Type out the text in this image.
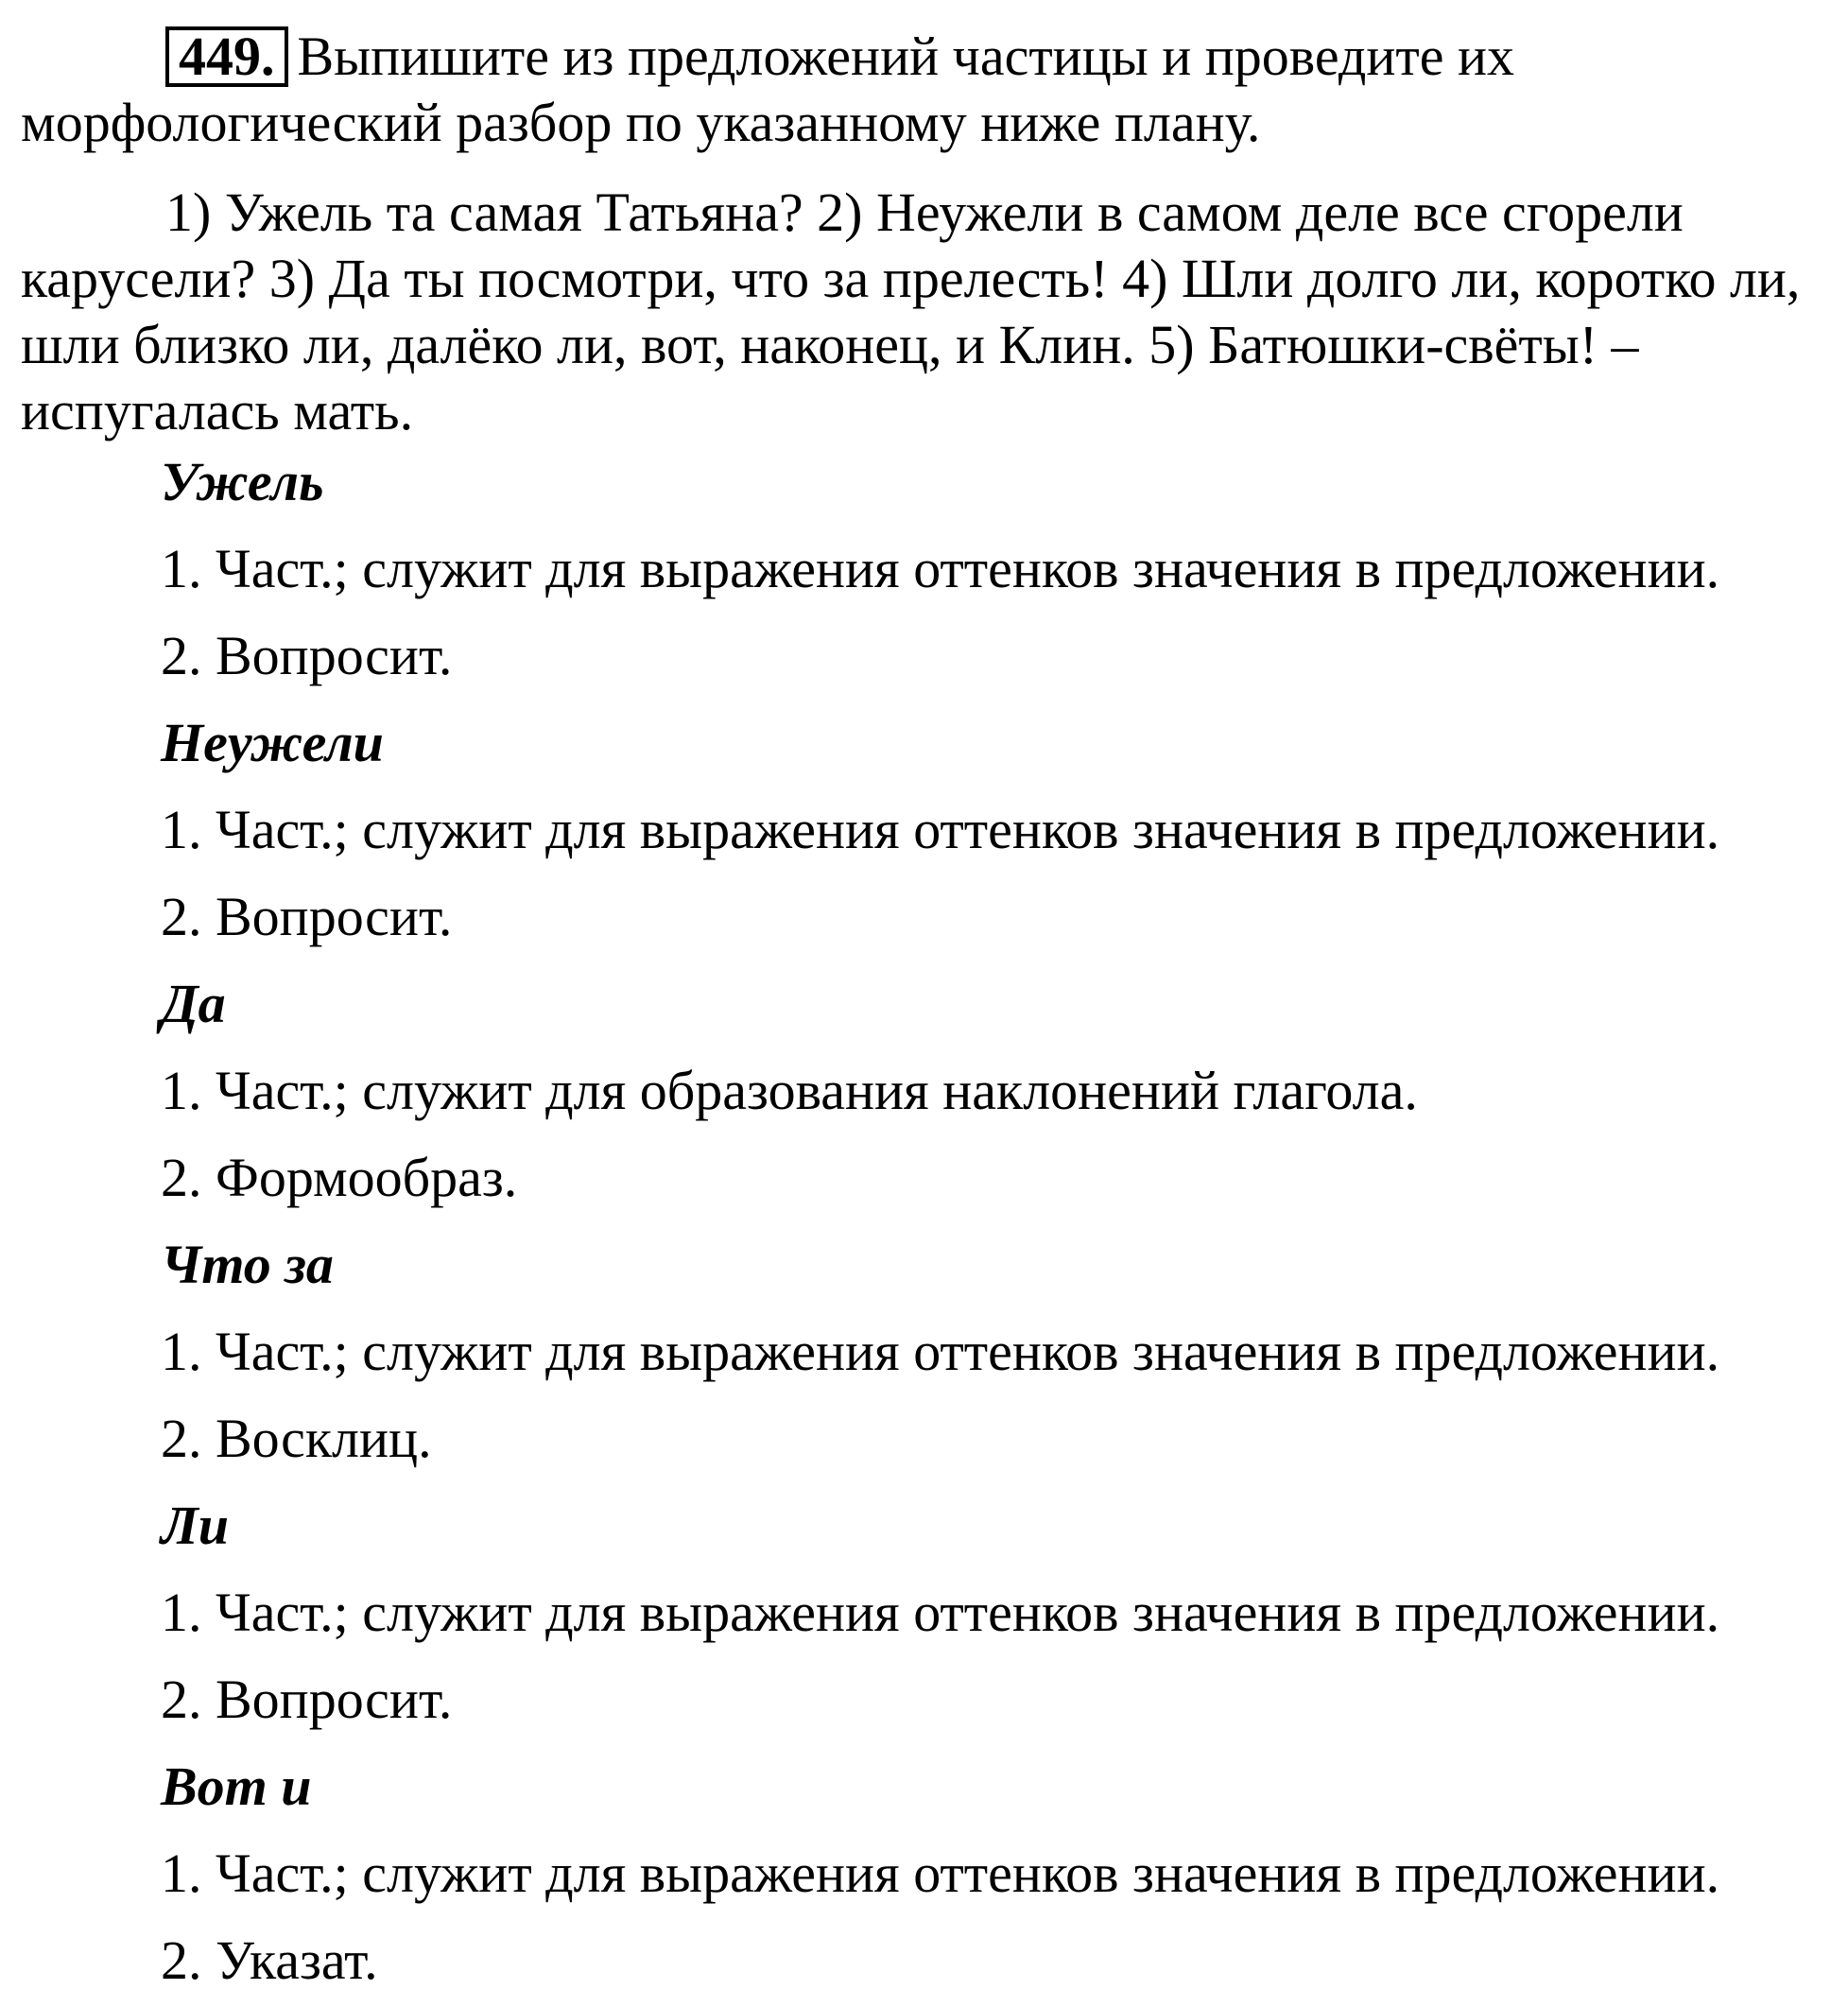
449. Выпишите из предложений частицы и проведите их
морфологический разбор по указанному ниже плану.
1) Ужель та самая Татьяна? 2) Неужели в самом деле все сгорели
карусели? 3) Да ты посмотри, что за прелесть! 4) Шли долго ли, коротко ли,
шли близко ли, далёко ли, вот, наконец, и Клин. 5) Батюшки-свёты! –
испугалась мать.
Ужель
1. Част.; служит для выражения оттенков значения в предложении.
2. Вопросит.
Неужели
1. Част.; служит для выражения оттенков значения в предложении.
2. Вопросит.
Да
1. Част.; служит для образования наклонений глагола.
2. Формообраз.
Что за
1. Част.; служит для выражения оттенков значения в предложении.
2. Восклиц.
Ли
1. Част.; служит для выражения оттенков значения в предложении.
2. Вопросит.
Вот и
1. Част.; служит для выражения оттенков значения в предложении.
2. Указат.
